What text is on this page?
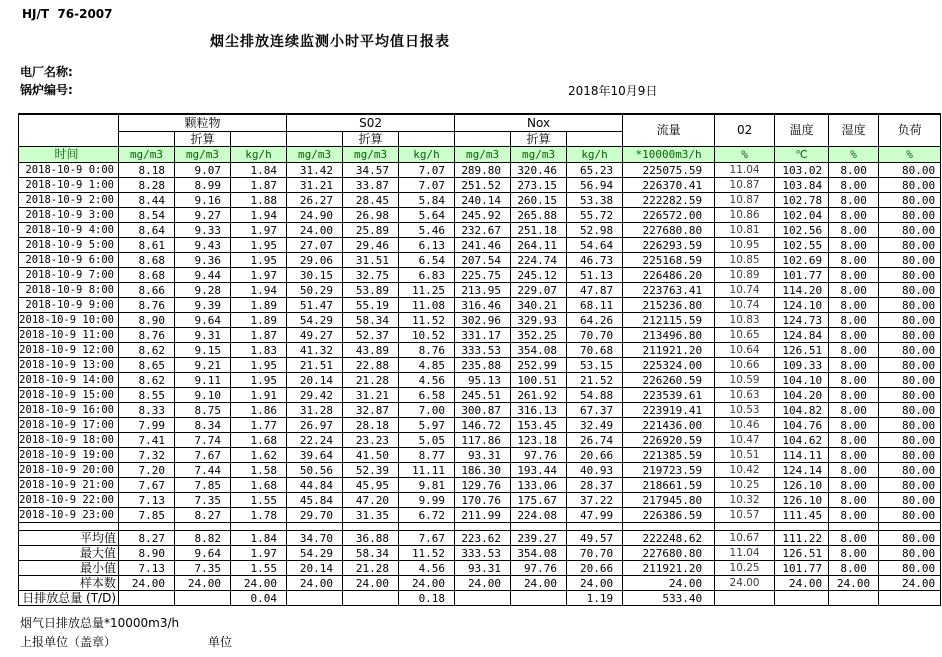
HJ/T  76-2007
烟尘排放连续监测小时平均值日报表
电厂名称:
锅炉编号:	2018年10月9日
	颗粒物			S02			Nox			流量	02	温度	湿度	负荷
		折算			折算			折算						
时间	mg/m3	mg/m3	kg/h	mg/m3	mg/m3	kg/h	mg/m3	mg/m3	kg/h	*10000m3/h	%	℃	%	%
2018-10-9 0:00	8.18	9.07	1.84	31.42	34.57	7.07	289.80	320.46	65.23	225075.59	11.04	103.02	8.00	80.00
2018-10-9 1:00	8.28	8.99	1.87	31.21	33.87	7.07	251.52	273.15	56.94	226370.41	10.87	103.84	8.00	80.00
2018-10-9 2:00	8.44	9.16	1.88	26.27	28.45	5.84	240.14	260.15	53.38	222282.59	10.87	102.78	8.00	80.00
2018-10-9 3:00	8.54	9.27	1.94	24.90	26.98	5.64	245.92	265.88	55.72	226572.00	10.86	102.04	8.00	80.00
2018-10-9 4:00	8.64	9.33	1.97	24.00	25.89	5.46	232.67	251.18	52.98	227680.80	10.81	102.56	8.00	80.00
2018-10-9 5:00	8.61	9.43	1.95	27.07	29.46	6.13	241.46	264.11	54.64	226293.59	10.95	102.55	8.00	80.00
2018-10-9 6:00	8.68	9.36	1.95	29.06	31.51	6.54	207.54	224.74	46.73	225168.59	10.85	102.69	8.00	80.00
2018-10-9 7:00	8.68	9.44	1.97	30.15	32.75	6.83	225.75	245.12	51.13	226486.20	10.89	101.77	8.00	80.00
2018-10-9 8:00	8.66	9.28	1.94	50.29	53.89	11.25	213.95	229.07	47.87	223763.41	10.74	114.20	8.00	80.00
2018-10-9 9:00	8.76	9.39	1.89	51.47	55.19	11.08	316.46	340.21	68.11	215236.80	10.74	124.10	8.00	80.00
2018-10-9 10:00	8.90	9.64	1.89	54.29	58.34	11.52	302.96	329.93	64.26	212115.59	10.83	124.73	8.00	80.00
2018-10-9 11:00	8.76	9.31	1.87	49.27	52.37	10.52	331.17	352.25	70.70	213496.80	10.65	124.84	8.00	80.00
2018-10-9 12:00	8.62	9.15	1.83	41.32	43.89	8.76	333.53	354.08	70.68	211921.20	10.64	126.51	8.00	80.00
2018-10-9 13:00	8.65	9.21	1.95	21.51	22.88	4.85	235.88	252.99	53.15	225324.00	10.66	109.33	8.00	80.00
2018-10-9 14:00	8.62	9.11	1.95	20.14	21.28	4.56	95.13	100.51	21.52	226260.59	10.59	104.10	8.00	80.00
2018-10-9 15:00	8.55	9.10	1.91	29.42	31.21	6.58	245.51	261.92	54.88	223539.61	10.63	104.20	8.00	80.00
2018-10-9 16:00	8.33	8.75	1.86	31.28	32.87	7.00	300.87	316.13	67.37	223919.41	10.53	104.82	8.00	80.00
2018-10-9 17:00	7.99	8.34	1.77	26.97	28.18	5.97	146.72	153.45	32.49	221436.00	10.46	104.76	8.00	80.00
2018-10-9 18:00	7.41	7.74	1.68	22.24	23.23	5.05	117.86	123.18	26.74	226920.59	10.47	104.62	8.00	80.00
2018-10-9 19:00	7.32	7.67	1.62	39.64	41.50	8.77	93.31	97.76	20.66	221385.59	10.51	114.11	8.00	80.00
2018-10-9 20:00	7.20	7.44	1.58	50.56	52.39	11.11	186.30	193.44	40.93	219723.59	10.42	124.14	8.00	80.00
2018-10-9 21:00	7.67	7.85	1.68	44.84	45.95	9.81	129.76	133.06	28.37	218661.59	10.25	126.10	8.00	80.00
2018-10-9 22:00	7.13	7.35	1.55	45.84	47.20	9.99	170.76	175.67	37.22	217945.80	10.32	126.10	8.00	80.00
2018-10-9 23:00	7.85	8.27	1.78	29.70	31.35	6.72	211.99	224.08	47.99	226386.59	10.57	111.45	8.00	80.00

平均值	8.27	8.82	1.84	34.70	36.88	7.67	223.62	239.27	49.57	222248.62	10.67	111.22	8.00	80.00
最大值	8.90	9.64	1.97	54.29	58.34	11.52	333.53	354.08	70.70	227680.80	11.04	126.51	8.00	80.00
最小值	7.13	7.35	1.55	20.14	21.28	4.56	93.31	97.76	20.66	211921.20	10.25	101.77	8.00	80.00
样本数	24.00	24.00	24.00	24.00	24.00	24.00	24.00	24.00	24.00	24.00	24.00	24.00	24.00	24.00

日排放总量 (T/D)			0.04			0.18			1.19	533.40				
烟气日排放总量*10000m3/h
上报单位（盖章）	单位
